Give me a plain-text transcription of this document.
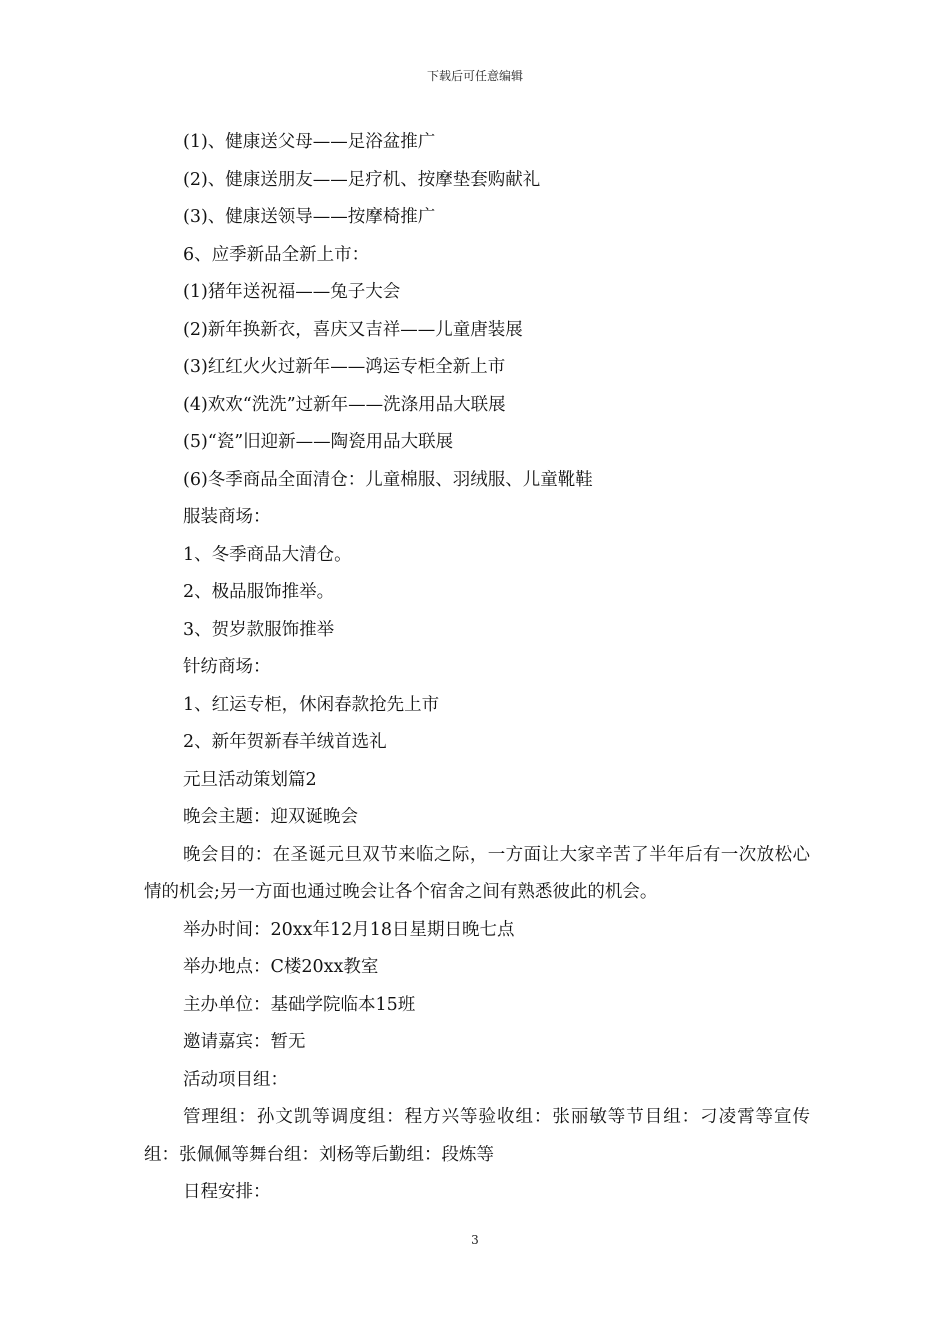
下载后可任意编辑
(1)、健康送父母——足浴盆推广
(2)、健康送朋友——足疗机、按摩垫套购献礼
(3)、健康送领导——按摩椅推广
6、应季新品全新上市：
(1)猪年送祝福——兔子大会
(2)新年换新衣，喜庆又吉祥——儿童唐装展
(3)红红火火过新年——鸿运专柜全新上市
(4)欢欢“洗洗”过新年——洗涤用品大联展
(5)“瓷”旧迎新——陶瓷用品大联展
(6)冬季商品全面清仓：儿童棉服、羽绒服、儿童靴鞋
服装商场：
1、冬季商品大清仓。
2、极品服饰推举。
3、贺岁款服饰推举
针纺商场：
1、红运专柜，休闲春款抢先上市
2、新年贺新春羊绒首选礼
元旦活动策划篇2
晚会主题：迎双诞晚会
晚会目的：在圣诞元旦双节来临之际，一方面让大家辛苦了半年后有一次放松心情的机会;另一方面也通过晚会让各个宿舍之间有熟悉彼此的机会。
举办时间：20xx年12月18日星期日晚七点
举办地点：C楼20xx教室
主办单位：基础学院临本15班
邀请嘉宾：暂无
活动项目组：
管理组：孙文凯等调度组：程方兴等验收组：张丽敏等节目组：刁凌霄等宣传组：张佩佩等舞台组：刘杨等后勤组：段炼等
日程安排：
3
